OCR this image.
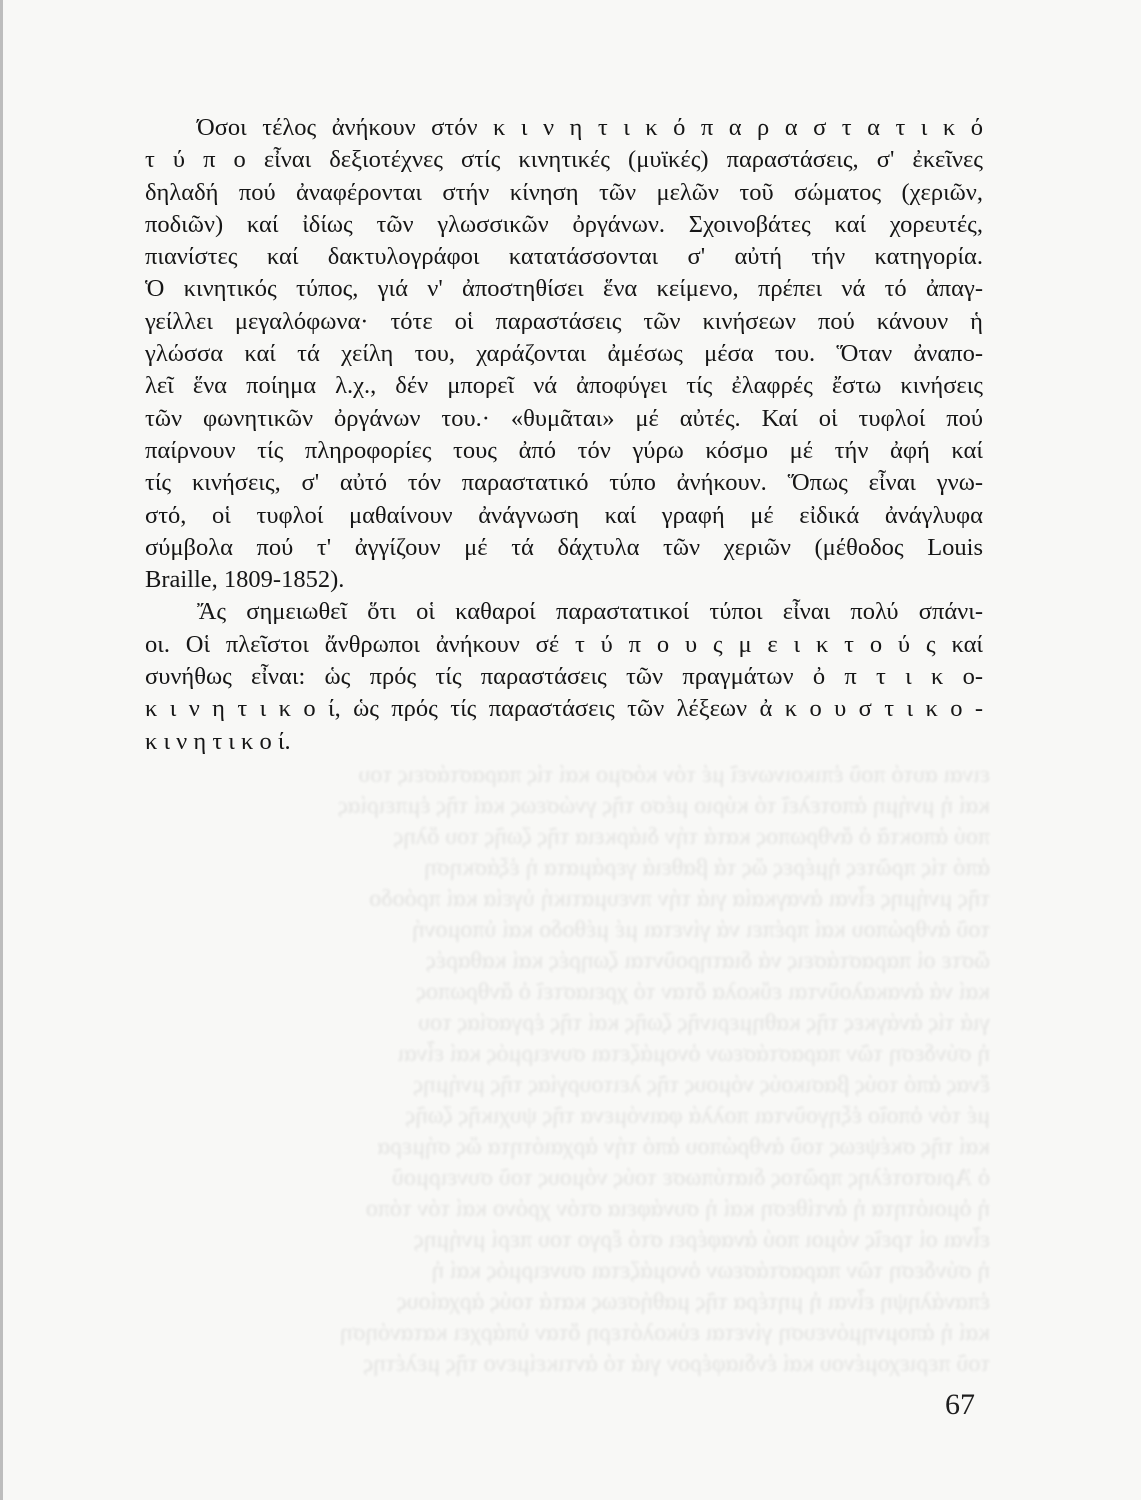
ειναι αυτό ποῦ ἐπικοινωνεῖ μέ τόν κόσμο καί τίς παραστάσεις του
καί ἡ μνήμη ἀποτελεῖ τό κύριο μέσο τῆς γνώσεως καί τῆς ἐμπειρίας
πού ἀποκτᾶ ὁ ἄνθρωπος κατά τήν διάρκεια τῆς ζωῆς του ὅλης
ἀπό τίς πρῶτες ἡμέρες ὥς τά βαθειά γεράματα ἡ ἐξάσκηση
τῆς μνήμης εἶναι ἀναγκαία γιά τήν πνευματική ὑγεία καί πρόοδο
τοῦ ἀνθρώπου καί πρέπει νά γίνεται μέ μέθοδο καί ὑπομονή
ὥστε οἱ παραστάσεις νά διατηροῦνται ζωηρές καί καθαρές
καί νά ἀνακαλοῦνται εὔκολα ὅταν τό χρειαστεῖ ὁ ἄνθρωπος
γιά τίς ἀνάγκες τῆς καθημερινῆς ζωῆς καί τῆς ἐργασίας του
ἡ σύνδεση τῶν παραστάσεων ὀνομάζεται συνειρμός καί εἶναι
ἕνας ἀπό τούς βασικούς νόμους τῆς λειτουργίας τῆς μνήμης
μέ τόν ὁποῖο ἐξηγοῦνται πολλά φαινόμενα τῆς ψυχικῆς ζωῆς
καί τῆς σκέψεως τοῦ ἀνθρώπου ἀπό τήν ἀρχαιότητα ὥς σήμερα
ὁ Ἀριστοτέλης πρῶτος διατύπωσε τούς νόμους τοῦ συνειρμοῦ
ἡ ὁμοιότητα ἡ ἀντίθεση καί ἡ συνάφεια στόν χρόνο καί τόν τόπο
εἶναι οἱ τρεῖς νόμοι πού ἀναφέρει στό ἔργο του περί μνήμης
ἡ σύνδεση τῶν παραστάσεων ὀνομάζεται συνειρμός καί ἡ
ἐπανάληψη εἶναι ἡ μητέρα τῆς μαθήσεως κατά τούς ἀρχαίους
καί ἡ ἀπομνημόνευση γίνεται εὐκολότερη ὅταν ὑπάρχει κατανόηση
τοῦ περιεχομένου καί ἐνδιαφέρον γιά τό ἀντικείμενο τῆς μελέτης
Όσοι τέλος ἀνήκουν στόν κ ι ν η τ ι κ ό π α ρ α σ τ α τ ι κ ό
τ ύ π ο εἶναι δεξιοτέχνες στίς κινητικές (μυϊκές) παραστάσεις, σ' ἐκεῖνες
δηλαδή πού ἀναφέρονται στήν κίνηση τῶν μελῶν τοῦ σώματος (χεριῶν,
ποδιῶν) καί ἰδίως τῶν γλωσσικῶν ὀργάνων. Σχοινοβάτες καί χορευτές,
πιανίστες καί δακτυλογράφοι κατατάσσονται σ' αὐτή τήν κατηγορία.
Ὁ κινητικός τύπος, γιά ν' ἀποστηθίσει ἕνα κείμενο, πρέπει νά τό ἀπαγ-
γείλλει μεγαλόφωνα· τότε οἱ παραστάσεις τῶν κινήσεων πού κάνουν ἡ
γλώσσα καί τά χείλη του, χαράζονται ἀμέσως μέσα του. Ὅταν ἀναπο-
λεῖ ἕνα ποίημα λ.χ., δέν μπορεῖ νά ἀποφύγει τίς ἐλαφρές ἔστω κινήσεις
τῶν φωνητικῶν ὀργάνων του.· «θυμᾶται» μέ αὐτές. Καί οἱ τυφλοί πού
παίρνουν τίς πληροφορίες τους ἀπό τόν γύρω κόσμο μέ τήν ἀφή καί
τίς κινήσεις, σ' αὐτό τόν παραστατικό τύπο ἀνήκουν. Ὅπως εἶναι γνω-
στό, οἱ τυφλοί μαθαίνουν ἀνάγνωση καί γραφή μέ εἰδικά ἀνάγλυφα
σύμβολα πού τ' ἀγγίζουν μέ τά δάχτυλα τῶν χεριῶν (μέθοδος Louis
Braille, 1809-1852).
Ἄς σημειωθεῖ ὅτι οἱ καθαροί παραστατικοί τύποι εἶναι πολύ σπάνι-
οι. Οἱ πλεῖστοι ἄνθρωποι ἀνήκουν σέ τ ύ π ο υ ς μ ε ι κ τ ο ύ ς καί
συνήθως εἶναι: ὡς πρός τίς παραστάσεις τῶν πραγμάτων ὀ π τ ι κ ο-
κ ι ν η τ ι κ ο ί, ὡς πρός τίς παραστάσεις τῶν λέξεων ἀ κ ο υ σ τ ι κ ο -
κ ι ν η τ ι κ ο ί.
67
